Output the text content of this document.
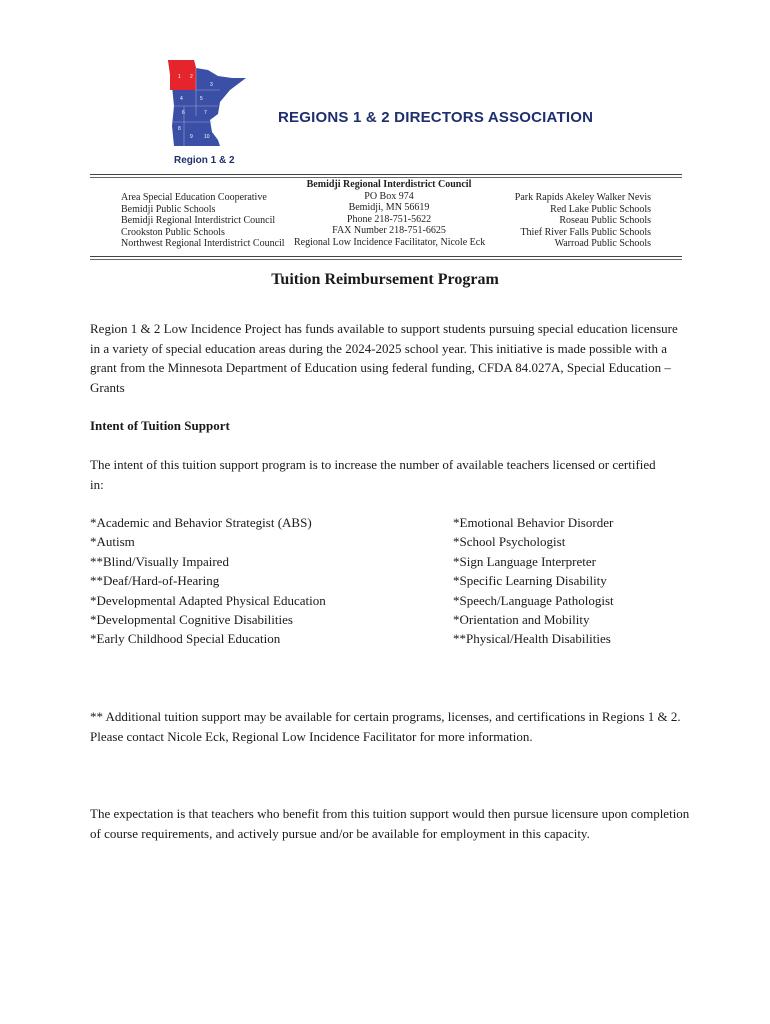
1 2
3
4	5
6	7
8
9 10
Region 1 & 2
REGIONS 1 & 2 DIRECTORS ASSOCIATION
Area Special Education Cooperative
Bemidji Public Schools
Bemidji Regional Interdistrict Council
Crookston Public Schools
Northwest Regional Interdistrict Council
Bemidji Regional Interdistrict Council
PO Box 974
Bemidji, MN 56619
Phone 218-751-5622
FAX Number 218-751-6625
Regional Low Incidence Facilitator, Nicole Eck
Park Rapids Akeley Walker Nevis
Red Lake Public Schools
Roseau Public Schools
Thief River Falls Public Schools
Warroad Public Schools
Tuition Reimbursement Program
Region 1 & 2 Low Incidence Project has funds available to support students pursuing special education licensure in a variety of special education areas during the 2024-2025 school year. This initiative is made possible with a grant from the Minnesota Department of Education using federal funding, CFDA 84.027A, Special Education – Grants
Intent of Tuition Support
The intent of this tuition support program is to increase the number of available teachers licensed or certified in:
*Academic and Behavior Strategist (ABS)
*Autism
**Blind/Visually Impaired
**Deaf/Hard-of-Hearing
*Developmental Adapted Physical Education
*Developmental Cognitive Disabilities
*Early Childhood Special Education
*Emotional Behavior Disorder
*School Psychologist
*Sign Language Interpreter
*Specific Learning Disability
*Speech/Language Pathologist
*Orientation and Mobility
**Physical/Health Disabilities
** Additional tuition support may be available for certain programs, licenses, and certifications in Regions 1 & 2. Please contact Nicole Eck, Regional Low Incidence Facilitator for more information.
The expectation is that teachers who benefit from this tuition support would then pursue licensure upon completion of course requirements, and actively pursue and/or be available for employment in this capacity.
